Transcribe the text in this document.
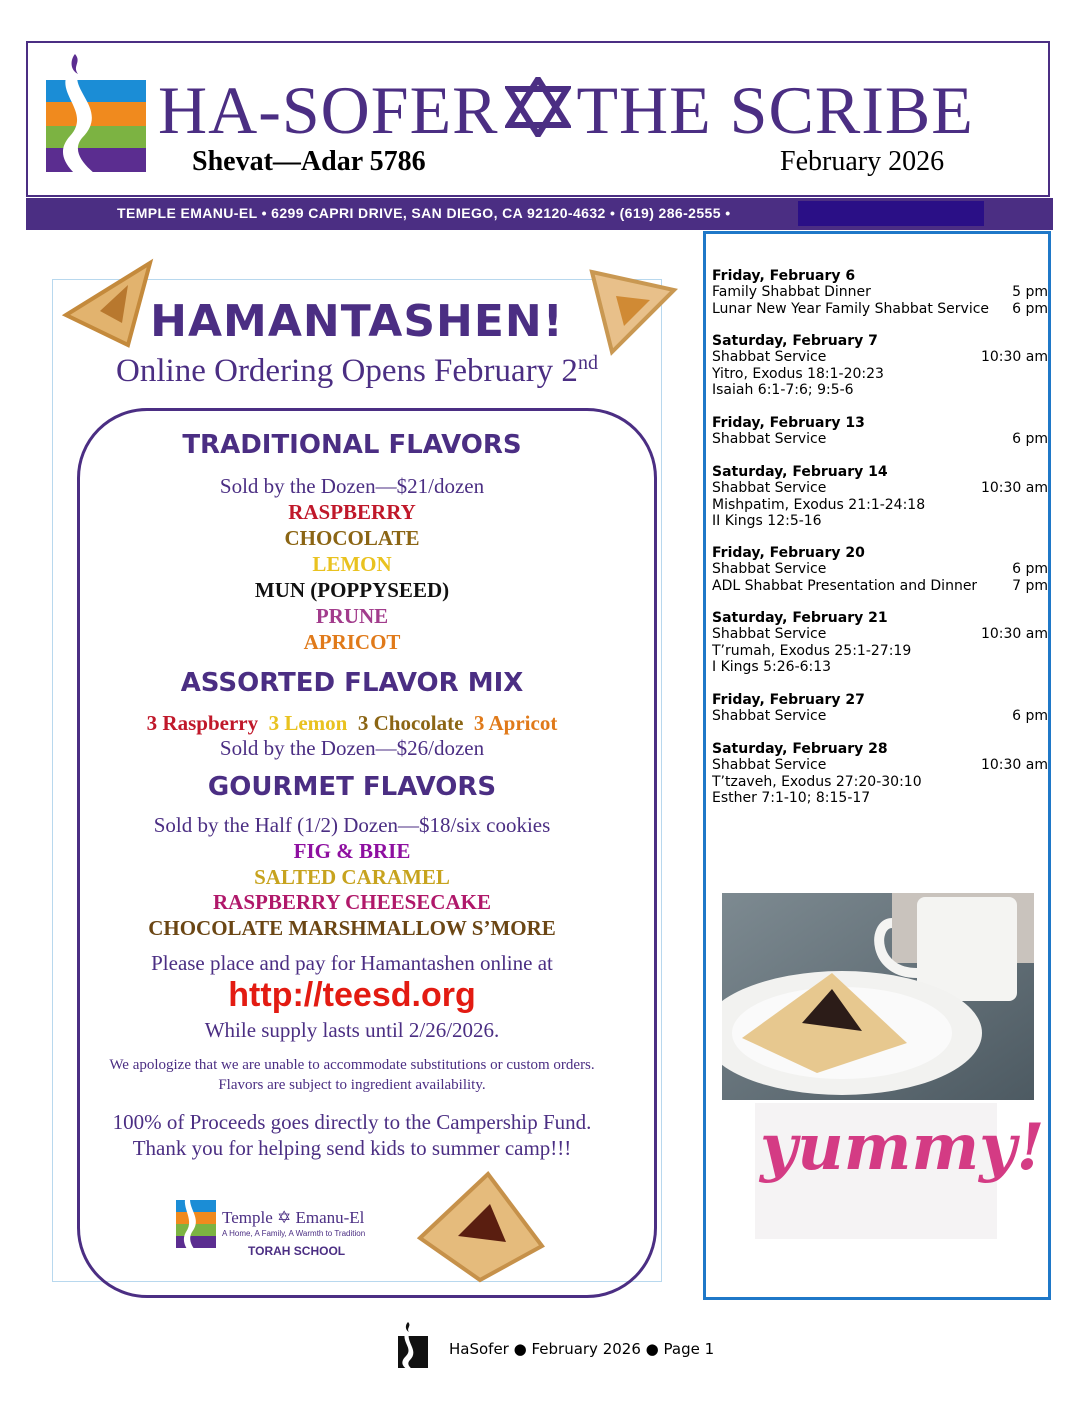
HA-SOFER THE SCRIBE
Shevat—Adar 5786	February 2026
TEMPLE EMANU-EL • 6299 CAPRI DRIVE, SAN DIEGO, CA 92120-4632 • (619) 286-2555 •
HAMANTASHEN!
Online Ordering Opens February 2nd
TRADITIONAL FLAVORS
Sold by the Dozen—$21/dozen
RASPBERRY
CHOCOLATE
LEMON
MUN (POPPYSEED)
PRUNE
APRICOT
ASSORTED FLAVOR MIX
3 Raspberry 3 Lemon 3 Chocolate 3 Apricot
Sold by the Dozen—$26/dozen
GOURMET FLAVORS
Sold by the Half (1/2) Dozen—$18/six cookies
FIG & BRIE
SALTED CARAMEL
RASPBERRY CHEESECAKE
CHOCOLATE MARSHMALLOW S’MORE
Please place and pay for Hamantashen online at
http://teesd.org
While supply lasts until 2/26/2026.
We apologize that we are unable to accommodate substitutions or custom orders.
Flavors are subject to ingredient availability.
100% of Proceeds goes directly to the Campership Fund.
Thank you for helping send kids to summer camp!!!
Temple ✡ Emanu-El
A Home, A Family, A Warmth to Tradition
TORAH SCHOOL
Friday, February 6
Family Shabbat Dinner	5 pm
Lunar New Year Family Shabbat Service 6 pm
Saturday, February 7
Shabbat Service	10:30 am
Yitro, Exodus 18:1-20:23
Isaiah 6:1-7:6; 9:5-6
Friday, February 13
Shabbat Service	6 pm
Saturday, February 14
Shabbat Service	10:30 am
Mishpatim, Exodus 21:1-24:18
II Kings 12:5-16
Friday, February 20
Shabbat Service	6 pm
ADL Shabbat Presentation and Dinner 7 pm
Saturday, February 21
Shabbat Service	10:30 am
T’rumah, Exodus 25:1-27:19
I Kings 5:26-6:13
Friday, February 27
Shabbat Service	6 pm
Saturday, February 28
Shabbat Service	10:30 am
T’tzaveh, Exodus 27:20-30:10
Esther 7:1-10; 8:15-17
yummy!
HaSofer ● February 2026 ● Page 1
